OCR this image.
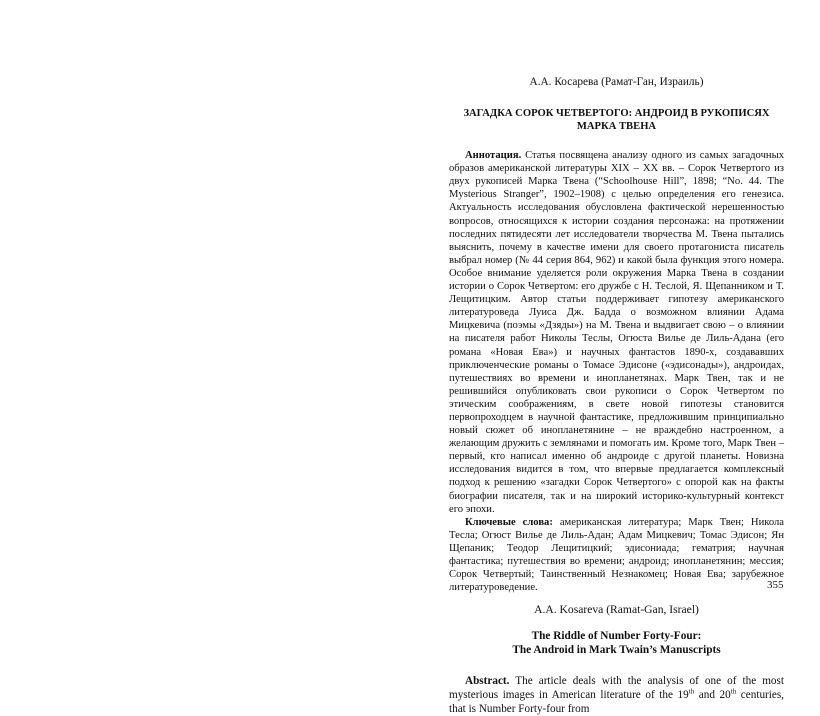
А.А. Косарева (Рамат-Ган, Израиль)
ЗАГАДКА СОРОК ЧЕТВЕРТОГО: АНДРОИД В РУКОПИСЯХ
МАРКА ТВЕНА

Аннотация. Статья посвящена анализу одного из самых загадочных образов американской литературы XIX – XX вв. – Сорок Четвертого из двух рукописей Марка Твена (“Schoolhouse Hill”, 1898; “No. 44. The Mysterious Stranger”, 1902–1908) с целью определения его генезиса. Актуальность исследования обусловлена фактической нерешенностью вопросов, относящихся к истории создания персонажа: на протяжении последних пятидесяти лет исследователи творчества М. Твена пытались выяснить, почему в качестве имени для своего протагониста писатель выбрал номер (№ 44 серия 864, 962) и какой была функция этого номера. Особое внимание уделяется роли окружения Марка Твена в создании истории о Сорок Четвертом: его дружбе с Н. Теслой, Я. Щепанником и Т. Лещитицким. Автор статьи поддерживает гипотезу американского литературоведа Луиса Дж. Бадда о возможном влиянии Адама Мицкевича (поэмы «Дзяды») на М. Твена и выдвигает свою – о влиянии на писателя работ Николы Теслы, Огюста Вилье де Лиль-Адана (его романа «Новая Ева») и научных фантастов 1890-х, создававших приключенческие романы о Томасе Эдисоне («эдисонады»), андроидах, путешествиях во времени и инопланетянах. Марк Твен, так и не решившийся опубликовать свои рукописи о Сорок Четвертом по этическим соображениям, в свете новой гипотезы становится первопроходцем в научной фантастике, предложившим принципиально новый сюжет об инопланетянине – не враждебно настроенном, а желающим дружить с землянами и помогать им. Кроме того, Марк Твен – первый, кто написал именно об андроиде с другой планеты. Новизна исследования видится в том, что впервые предлагается комплексный подход к решению «загадки Сорок Четвертого» с опорой как на факты биографии писателя, так и на широкий историко-культурный контекст его эпохи.

Ключевые слова: американская литература; Марк Твен; Никола Тесла; Огюст Вилье де Лиль-Адан; Адам Мицкевич; Томас Эдисон; Ян Щепаник; Теодор Лещитицкий; эдисониада; гематрия; научная фантастика; путешествия во времени; андроид; инопланетянин; мессия; Сорок Четвертый; Таинственный Незнакомец; Новая Ева; зарубежное литературоведение.

A.A. Kosareva (Ramat-Gan, Israel)
The Riddle of Number Forty-Four:
The Android in Mark Twain’s Manuscripts

Abstract. The article deals with the analysis of one of the most mysterious images in American literature of the 19th and 20th centuries, that is Number Forty-four from

355
